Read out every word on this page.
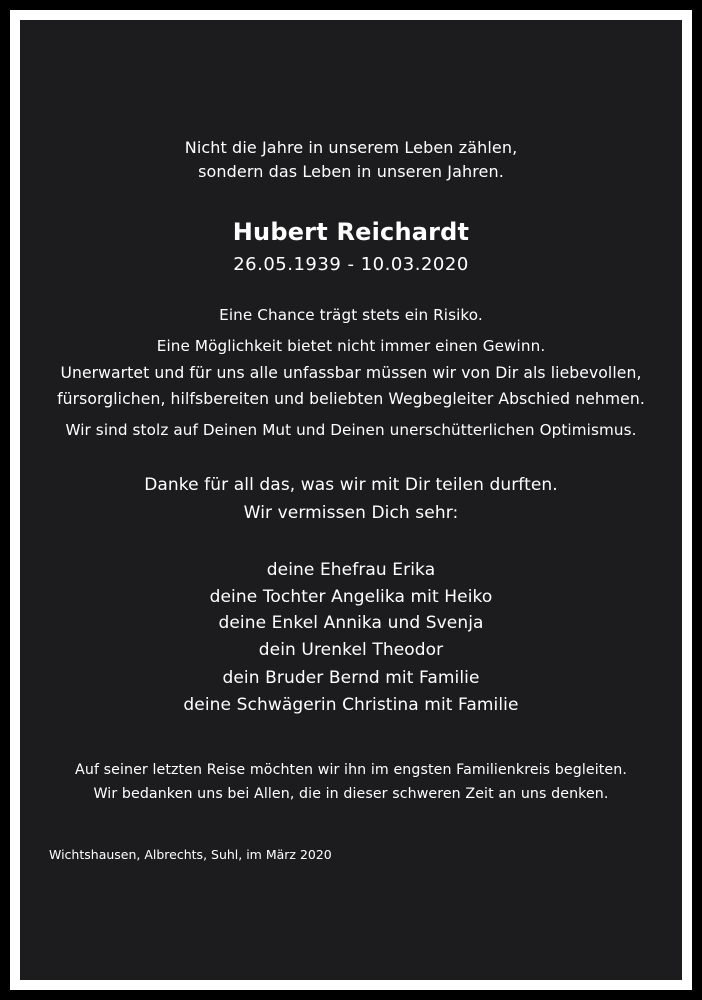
Nicht die Jahre in unserem Leben zählen,
sondern das Leben in unseren Jahren.
Hubert Reichardt
26.05.1939 - 10.03.2020
Eine Chance trägt stets ein Risiko.
Eine Möglichkeit bietet nicht immer einen Gewinn.
Unerwartet und für uns alle unfassbar müssen wir von Dir als liebevollen,
fürsorglichen, hilfsbereiten und beliebten Wegbegleiter Abschied nehmen.
Wir sind stolz auf Deinen Mut und Deinen unerschütterlichen Optimismus.
Danke für all das, was wir mit Dir teilen durften.
Wir vermissen Dich sehr:
deine Ehefrau Erika
deine Tochter Angelika mit Heiko
deine Enkel Annika und Svenja
dein Urenkel Theodor
dein Bruder Bernd mit Familie
deine Schwägerin Christina mit Familie
Auf seiner letzten Reise möchten wir ihn im engsten Familienkreis begleiten.
Wir bedanken uns bei Allen, die in dieser schweren Zeit an uns denken.
Wichtshausen, Albrechts, Suhl, im März 2020
